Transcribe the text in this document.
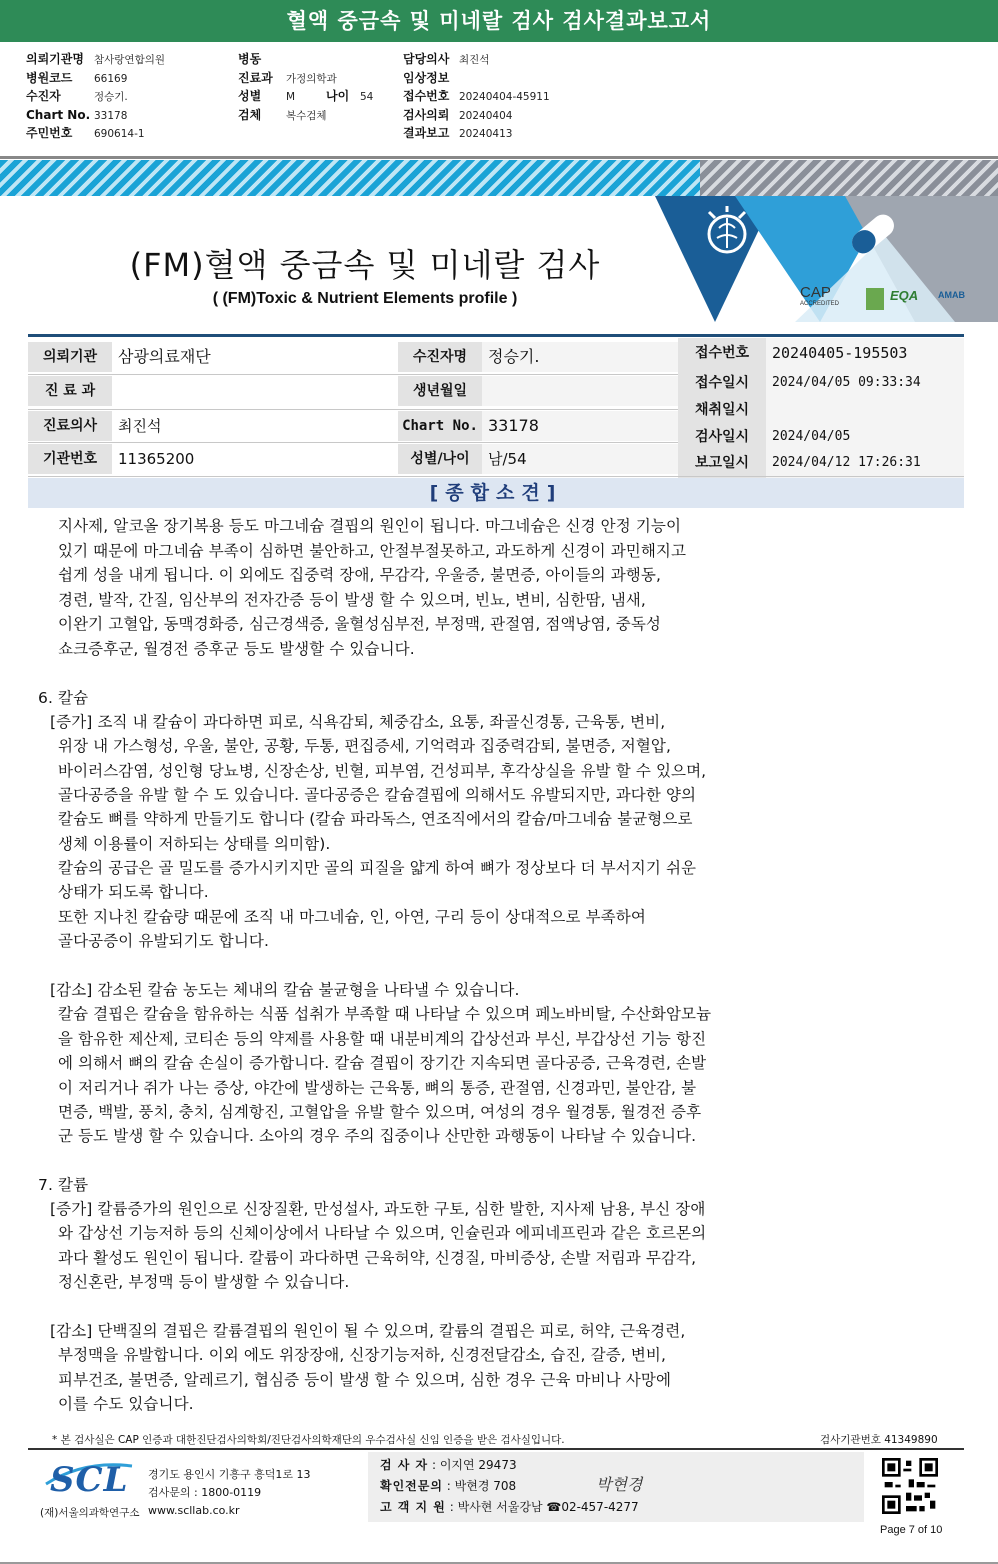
혈액 중금속 및 미네랄 검사 검사결과보고서
의뢰기관명 참사랑연합의원
병원코드 66169
수진자	정승기.
Chart No. 33178
주민번호 690614-1
병동
진료과 가정의학과
성별 M	나이 54
검체 복수검체
담당의사 최진석
임상정보
접수번호 20240404-45911
검사의뢰 20240404
결과보고 20240413
CAP
ACCREDITED
EQA AMAB
(FM)혈액 중금속 및 미네랄 검사
( (FM)Toxic & Nutrient Elements profile )
의뢰기관	삼광의료재단
진 료 과
진료의사	최진석
기관번호	11365200
수진자명	정승기.
생년월일
Chart No. 33178
성별/나이	남/54
접수번호	20240405-195503
접수일시	2024/04/05 09:33:34
채취일시
검사일시	2024/04/05
보고일시	2024/04/12 17:26:31
[종합소견]
지사제, 알코올 장기복용 등도 마그네슘 결핍의 원인이 됩니다. 마그네슘은 신경 안정 기능이
있기 때문에 마그네슘 부족이 심하면 불안하고, 안절부절못하고, 과도하게 신경이 과민해지고
쉽게 성을 내게 됩니다. 이 외에도 집중력 장애, 무감각, 우울증, 불면증, 아이들의 과행동,
경련, 발작, 간질, 임산부의 전자간증 등이 발생 할 수 있으며, 빈뇨, 변비, 심한땀, 냄새,
이완기 고혈압, 동맥경화증, 심근경색증, 울혈성심부전, 부정맥, 관절염, 점액낭염, 중독성
쇼크증후군, 월경전 증후군 등도 발생할 수 있습니다.
6. 칼슘
[증가] 조직 내 칼슘이 과다하면 피로, 식욕감퇴, 체중감소, 요통, 좌골신경통, 근육통, 변비,
위장 내 가스형성, 우울, 불안, 공황, 두통, 편집증세, 기억력과 집중력감퇴, 불면증, 저혈압,
바이러스감염, 성인형 당뇨병, 신장손상, 빈혈, 피부염, 건성피부, 후각상실을 유발 할 수 있으며,
골다공증을 유발 할 수 도 있습니다. 골다공증은 칼슘결핍에 의해서도 유발되지만, 과다한 양의
칼슘도 뼈를 약하게 만들기도 합니다 (칼슘 파라독스, 연조직에서의 칼슘/마그네슘 불균형으로
생체 이용률이 저하되는 상태를 의미함).
칼슘의 공급은 골 밀도를 증가시키지만 골의 피질을 얇게 하여 뼈가 정상보다 더 부서지기 쉬운
상태가 되도록 합니다.
또한 지나친 칼슘량 때문에 조직 내 마그네슘, 인, 아연, 구리 등이 상대적으로 부족하여
골다공증이 유발되기도 합니다.
[감소] 감소된 칼슘 농도는 체내의 칼슘 불균형을 나타낼 수 있습니다.
칼슘 결핍은 칼슘을 함유하는 식품 섭취가 부족할 때 나타날 수 있으며 페노바비탈, 수산화암모늄
을 함유한 제산제, 코티손 등의 약제를 사용할 때 내분비계의 갑상선과 부신, 부갑상선 기능 항진
에 의해서 뼈의 칼슘 손실이 증가합니다. 칼슘 결핍이 장기간 지속되면 골다공증, 근육경련, 손발
이 저리거나 쥐가 나는 증상, 야간에 발생하는 근육통, 뼈의 통증, 관절염, 신경과민, 불안감, 불
면증, 백발, 풍치, 충치, 심계항진, 고혈압을 유발 할수 있으며, 여성의 경우 월경통, 월경전 증후
군 등도 발생 할 수 있습니다. 소아의 경우 주의 집중이나 산만한 과행동이 나타날 수 있습니다.
7. 칼륨
[증가] 칼륨증가의 원인으로 신장질환, 만성설사, 과도한 구토, 심한 발한, 지사제 남용, 부신 장애
와 갑상선 기능저하 등의 신체이상에서 나타날 수 있으며, 인슐린과 에피네프린과 같은 호르몬의
과다 활성도 원인이 됩니다. 칼륨이 과다하면 근육허약, 신경질, 마비증상, 손발 저림과 무감각,
정신혼란, 부정맥 등이 발생할 수 있습니다.
[감소] 단백질의 결핍은 칼륨결핍의 원인이 될 수 있으며, 칼륨의 결핍은 피로, 허약, 근육경련,
부정맥을 유발합니다. 이외 에도 위장장애, 신장기능저하, 신경전달감소, 습진, 갈증, 변비,
피부건조, 불면증, 알레르기, 협심증 등이 발생 할 수 있으며, 심한 경우 근육 마비나 사망에
이를 수도 있습니다.
* 본 검사실은 CAP 인증과 대한진단검사의학회/진단검사의학재단의 우수검사실 신임 인증을 받은 검사실입니다.	검사기관번호 41349890
SCL
(재)서울의과학연구소
경기도 용인시 기흥구 흥덕1로 13
검사문의 : 1800-0119
www.scllab.co.kr
검 사 자 : 이지연 29473
확인전문의 : 박현경 708
고 객 지 원 : 박사현 서울강남 ☎02-457-4277
박현경
Page 7 of 10
